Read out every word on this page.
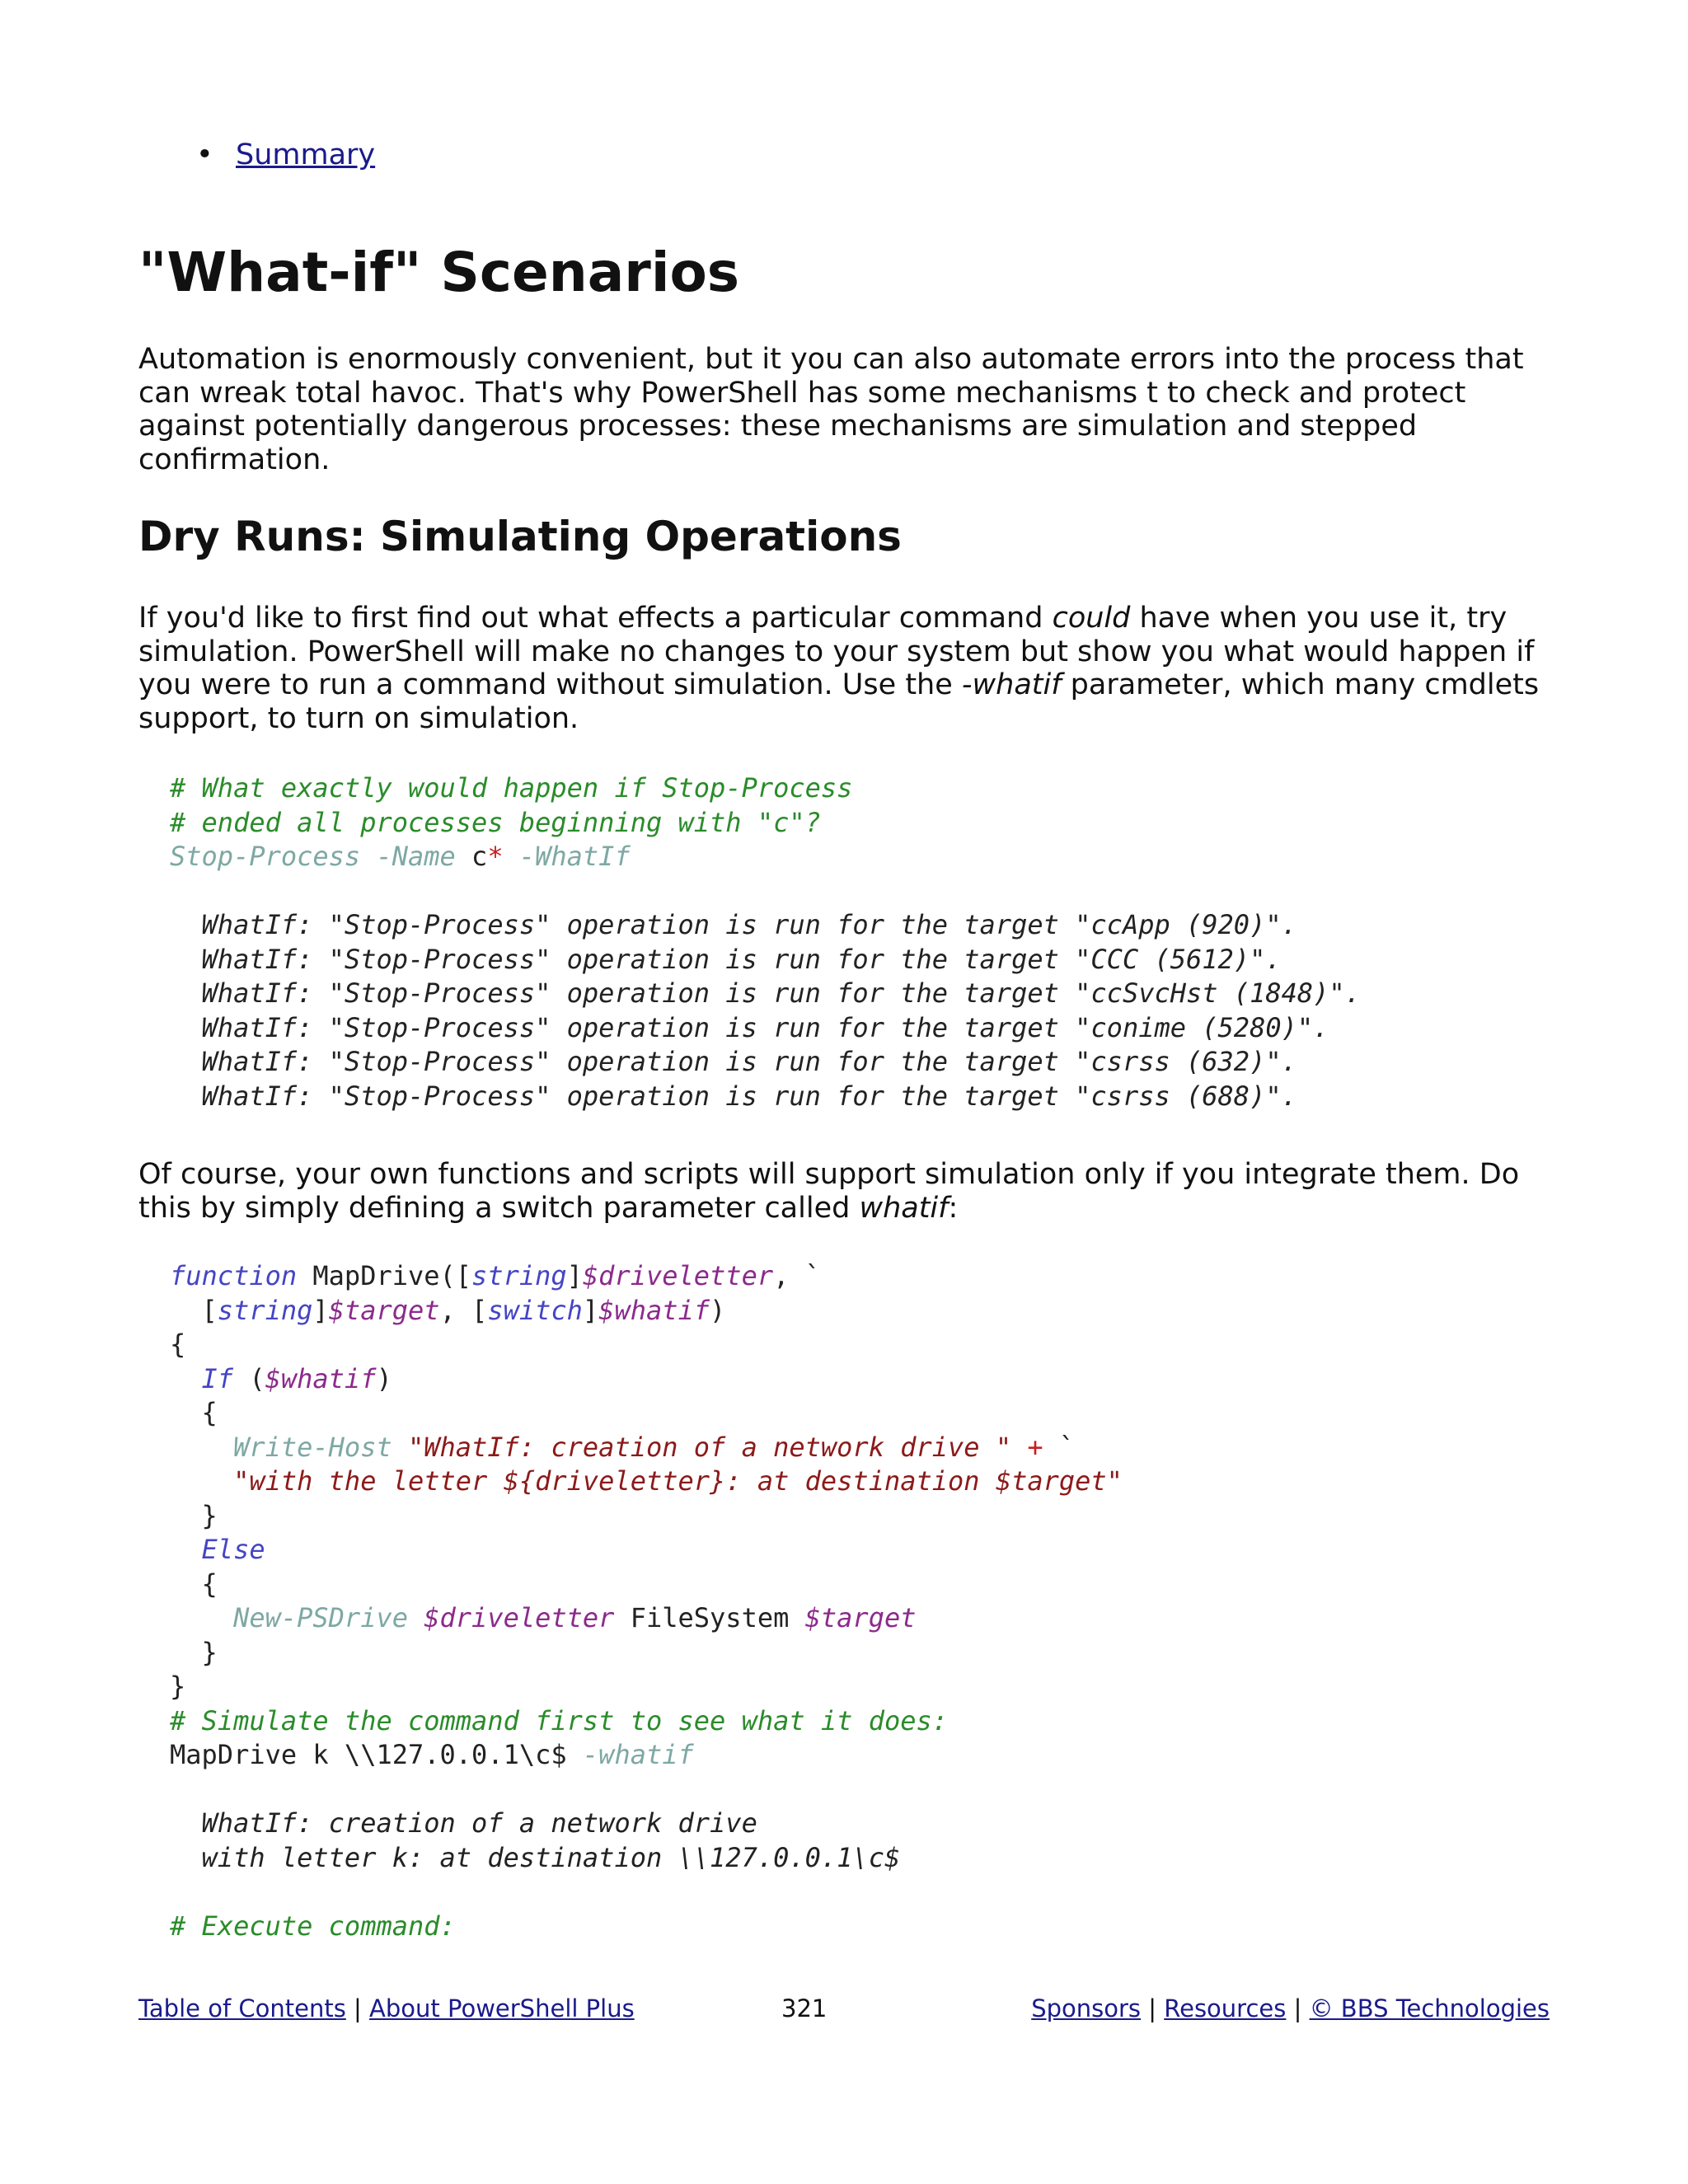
• Summary
"What-if" Scenarios

Automation is enormously convenient, but it you can also automate errors into the process that can wreak total havoc. That's why PowerShell has some mechanisms t to check and protect against potentially dangerous processes: these mechanisms are simulation and stepped confirmation.

Dry Runs: Simulating Operations

If you'd like to first find out what effects a particular command could have when you use it, try simulation. PowerShell will make no changes to your system but show you what would happen if you were to run a command without simulation. Use the -whatif parameter, which many cmdlets support, to turn on simulation.

# What exactly would happen if Stop-Process
# ended all processes beginning with "c"?
Stop-Process -Name c* -WhatIf

WhatIf: "Stop-Process" operation is run for the target "ccApp (920)".
WhatIf: "Stop-Process" operation is run for the target "CCC (5612)".
WhatIf: "Stop-Process" operation is run for the target "ccSvcHst (1848)".
WhatIf: "Stop-Process" operation is run for the target "conime (5280)".
WhatIf: "Stop-Process" operation is run for the target "csrss (632)".
WhatIf: "Stop-Process" operation is run for the target "csrss (688)".

Of course, your own functions and scripts will support simulation only if you integrate them. Do this by simply defining a switch parameter called whatif:

function MapDrive([string]$driveletter, `
[string]$target, [switch]$whatif)
{
If ($whatif)
{
Write-Host "WhatIf: creation of a network drive " + `
"with the letter ${driveletter}: at destination $target"
}
Else
{
New-PSDrive $driveletter FileSystem $target
}
}
# Simulate the command first to see what it does:
MapDrive k \\127.0.0.1\c$ -whatif

WhatIf: creation of a network drive
with letter k: at destination \\127.0.0.1\c$

# Execute command:
Table of Contents | About PowerShell Plus	321	Sponsors | Resources | © BBS Technologies
